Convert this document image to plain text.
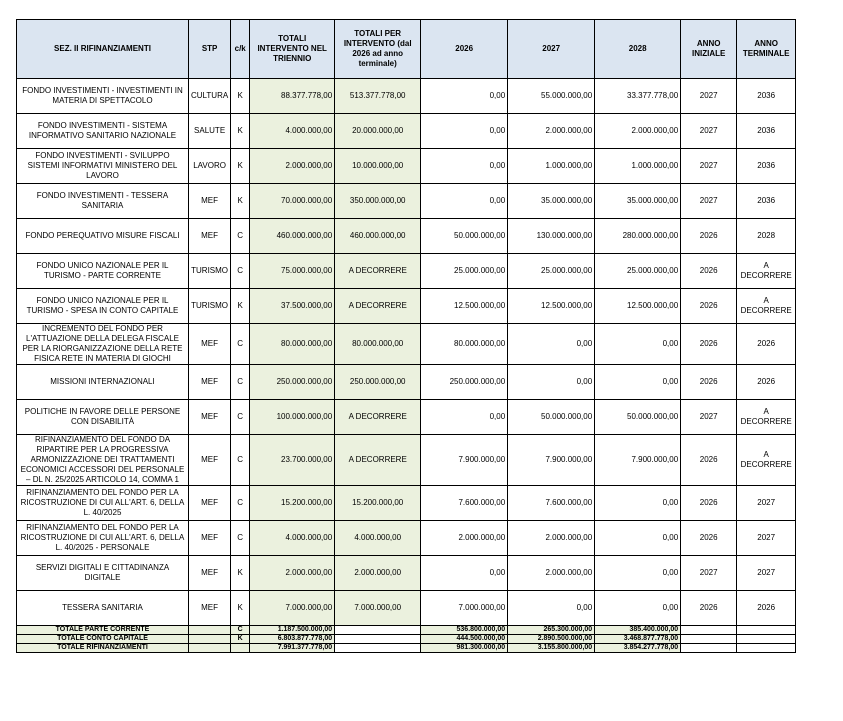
SEZ. II RIFINANZIAMENTI	STP	c/k	TOTALI INTERVENTO NEL TRIENNIO	TOTALI PER INTERVENTO (dal 2026 ad anno terminale)	2026	2027	2028	ANNO INIZIALE	ANNO TERMINALE
FONDO INVESTIMENTI - INVESTIMENTI IN MATERIA DI SPETTACOLO	CULTURA	K	88.377.778,00	513.377.778,00	0,00	55.000.000,00	33.377.778,00	2027	2036
FONDO INVESTIMENTI - SISTEMA INFORMATIVO SANITARIO NAZIONALE	SALUTE	K	4.000.000,00	20.000.000,00	0,00	2.000.000,00	2.000.000,00	2027	2036
FONDO INVESTIMENTI - SVILUPPO SISTEMI INFORMATIVI MINISTERO DEL LAVORO	LAVORO	K	2.000.000,00	10.000.000,00	0,00	1.000.000,00	1.000.000,00	2027	2036
FONDO INVESTIMENTI - TESSERA SANITARIA	MEF	K	70.000.000,00	350.000.000,00	0,00	35.000.000,00	35.000.000,00	2027	2036
FONDO PEREQUATIVO MISURE FISCALI	MEF	C	460.000.000,00	460.000.000,00	50.000.000,00	130.000.000,00	280.000.000,00	2026	2028
FONDO UNICO NAZIONALE PER IL TURISMO - PARTE CORRENTE	TURISMO	C	75.000.000,00	A DECORRERE	25.000.000,00	25.000.000,00	25.000.000,00	2026	A DECORRERE
FONDO UNICO NAZIONALE PER IL TURISMO - SPESA IN CONTO CAPITALE	TURISMO	K	37.500.000,00	A DECORRERE	12.500.000,00	12.500.000,00	12.500.000,00	2026	A DECORRERE
INCREMENTO DEL FONDO PER L'ATTUAZIONE DELLA DELEGA FISCALE PER LA RIORGANIZZAZIONE DELLA RETE FISICA RETE IN MATERIA DI GIOCHI	MEF	C	80.000.000,00	80.000.000,00	80.000.000,00	0,00	0,00	2026	2026
MISSIONI INTERNAZIONALI	MEF	C	250.000.000,00	250.000.000,00	250.000.000,00	0,00	0,00	2026	2026
POLITICHE IN FAVORE DELLE PERSONE CON DISABILITÀ	MEF	C	100.000.000,00	A DECORRERE	0,00	50.000.000,00	50.000.000,00	2027	A DECORRERE
RIFINANZIAMENTO DEL FONDO DA RIPARTIRE PER LA PROGRESSIVA ARMONIZZAZIONE DEI TRATTAMENTI ECONOMICI ACCESSORI DEL PERSONALE – DL N. 25/2025 ARTICOLO 14, COMMA 1	MEF	C	23.700.000,00	A DECORRERE	7.900.000,00	7.900.000,00	7.900.000,00	2026	A DECORRERE
RIFINANZIAMENTO DEL FONDO PER LA RICOSTRUZIONE DI CUI ALL'ART. 6, DELLA L. 40/2025	MEF	C	15.200.000,00	15.200.000,00	7.600.000,00	7.600.000,00	0,00	2026	2027
RIFINANZIAMENTO DEL FONDO PER LA RICOSTRUZIONE DI CUI ALL'ART. 6, DELLA L. 40/2025 - PERSONALE	MEF	C	4.000.000,00	4.000.000,00	2.000.000,00	2.000.000,00	0,00	2026	2027
SERVIZI DIGITALI E CITTADINANZA DIGITALE	MEF	K	2.000.000,00	2.000.000,00	0,00	2.000.000,00	0,00	2027	2027
TESSERA SANITARIA	MEF	K	7.000.000,00	7.000.000,00	7.000.000,00	0,00	0,00	2026	2026
TOTALE PARTE CORRENTE		C	1.187.500.000,00		536.800.000,00	265.300.000,00	385.400.000,00		
TOTALE CONTO CAPITALE		K	6.803.877.778,00		444.500.000,00	2.890.500.000,00	3.468.877.778,00		
TOTALE RIFINANZIAMENTI			7.991.377.778,00		981.300.000,00	3.155.800.000,00	3.854.277.778,00		
